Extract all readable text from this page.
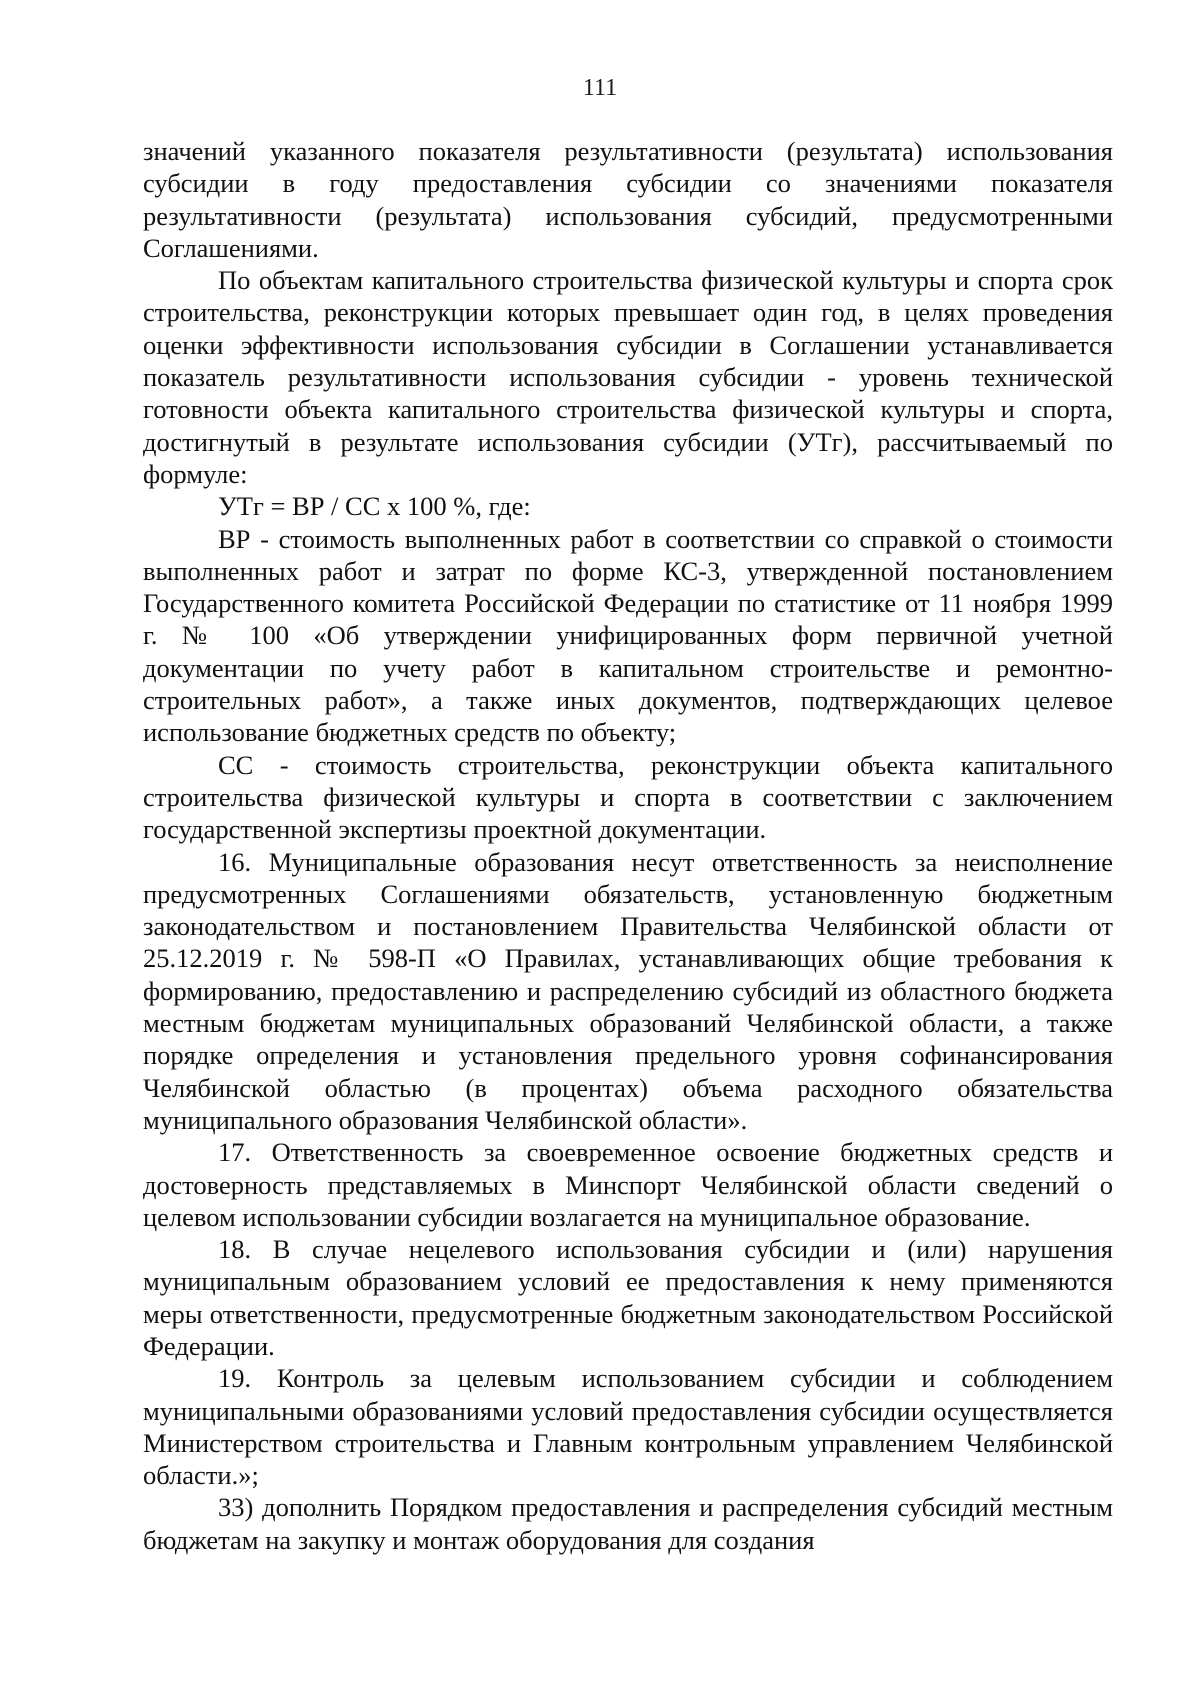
111

значений указанного показателя результативности (результата) использования субсидии в году предоставления субсидии со значениями показателя результативности (результата) использования субсидий, предусмотренными Соглашениями.

По объектам капитального строительства физической культуры и спорта срок строительства, реконструкции которых превышает один год, в целях проведения оценки эффективности использования субсидии в Соглашении устанавливается показатель результативности использования субсидии - уровень технической готовности объекта капитального строительства физической культуры и спорта, достигнутый в результате использования субсидии (УТг), рассчитываемый по формуле:

УТг = ВР / СС х 100 %, где:

ВР - стоимость выполненных работ в соответствии со справкой о стоимости выполненных работ и затрат по форме КС-3, утвержденной постановлением Государственного комитета Российской Федерации по статистике от 11 ноября 1999 г. № 100 «Об утверждении унифицированных форм первичной учетной документации по учету работ в капитальном строительстве и ремонтно-строительных работ», а также иных документов, подтверждающих целевое использование бюджетных средств по объекту;

СС - стоимость строительства, реконструкции объекта капитального строительства физической культуры и спорта в соответствии с заключением государственной экспертизы проектной документации.

16. Муниципальные образования несут ответственность за неисполнение предусмотренных Соглашениями обязательств, установленную бюджетным законодательством и постановлением Правительства Челябинской области от 25.12.2019 г. № 598-П «О Правилах, устанавливающих общие требования к формированию, предоставлению и распределению субсидий из областного бюджета местным бюджетам муниципальных образований Челябинской области, а также порядке определения и установления предельного уровня софинансирования Челябинской областью (в процентах) объема расходного обязательства муниципального образования Челябинской области».

17. Ответственность за своевременное освоение бюджетных средств и достоверность представляемых в Минспорт Челябинской области сведений о целевом использовании субсидии возлагается на муниципальное образование.

18. В случае нецелевого использования субсидии и (или) нарушения муниципальным образованием условий ее предоставления к нему применяются меры ответственности, предусмотренные бюджетным законодательством Российской Федерации.

19. Контроль за целевым использованием субсидии и соблюдением муниципальными образованиями условий предоставления субсидии осуществляется Министерством строительства и Главным контрольным управлением Челябинской области.»;

33) дополнить Порядком предоставления и распределения субсидий местным бюджетам на закупку и монтаж оборудования для создания
